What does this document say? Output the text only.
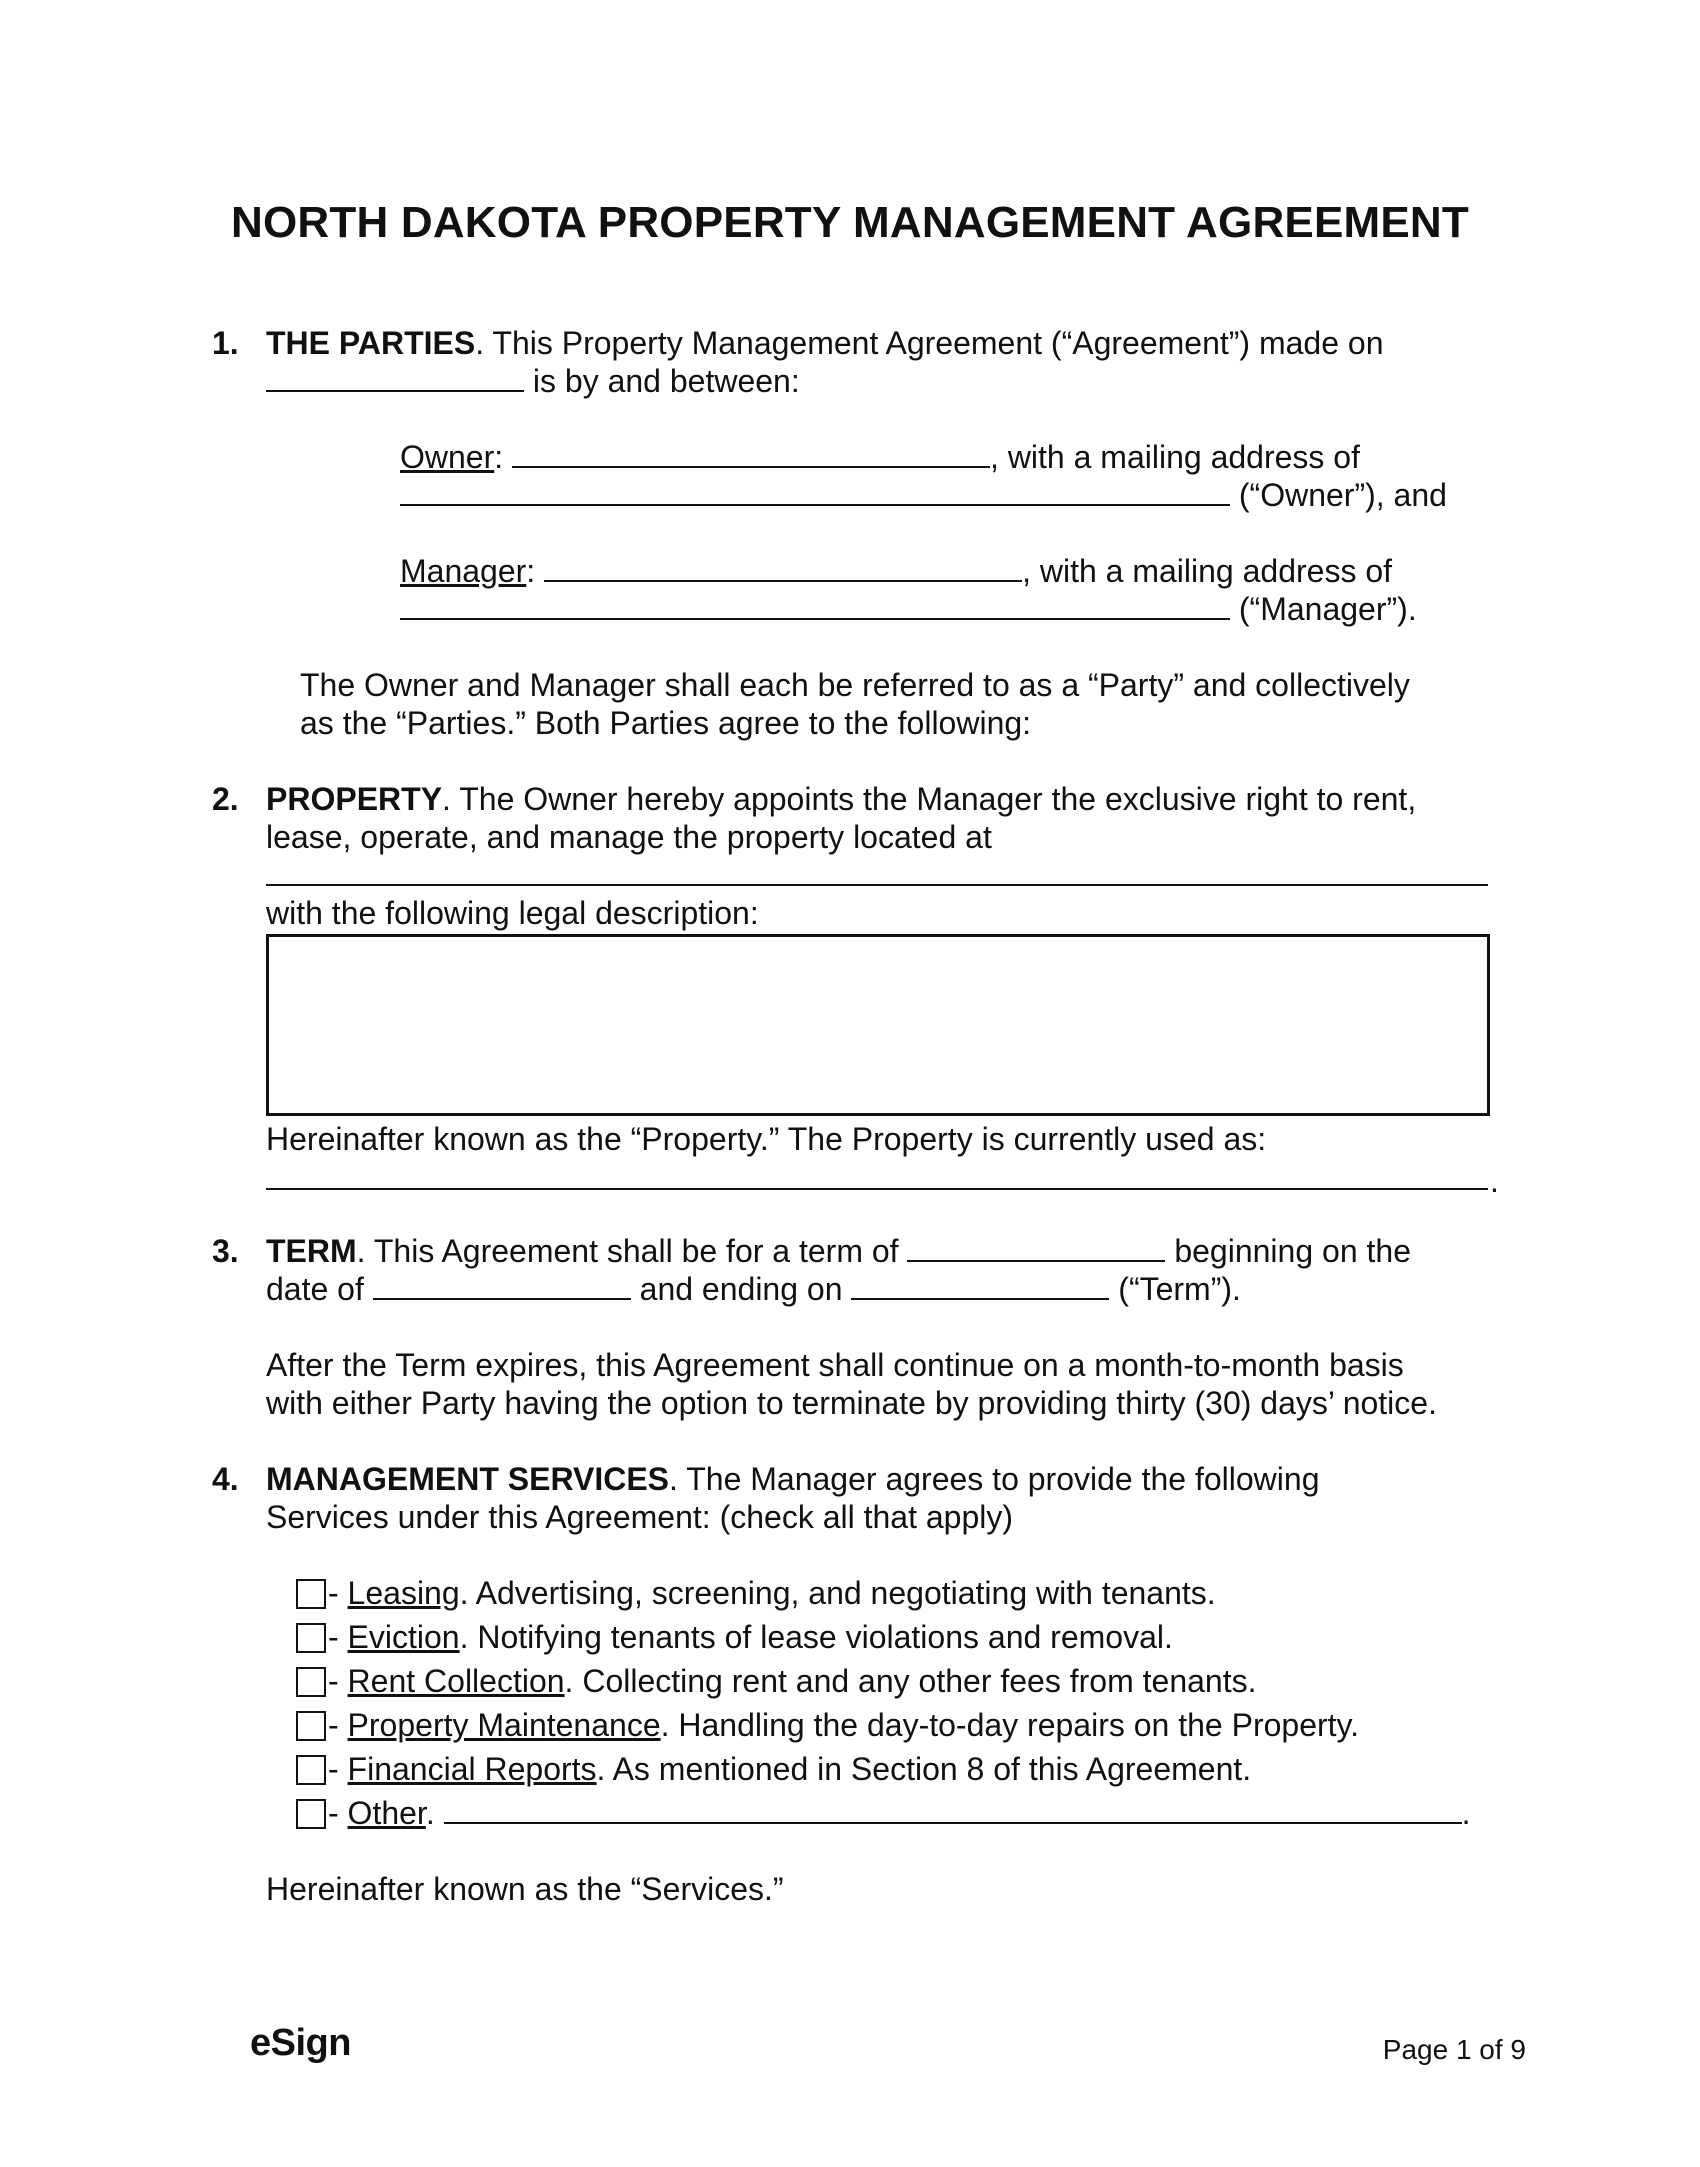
NORTH DAKOTA PROPERTY MANAGEMENT AGREEMENT
1. THE PARTIES. This Property Management Agreement (“Agreement”) made on
is by and between:
Owner:	, with a mailing address of
(“Owner”), and
Manager:	, with a mailing address of
(“Manager”).
The Owner and Manager shall each be referred to as a “Party” and collectively
as the “Parties.” Both Parties agree to the following:
2. PROPERTY. The Owner hereby appoints the Manager the exclusive right to rent,
lease, operate, and manage the property located at
with the following legal description:
Hereinafter known as the “Property.” The Property is currently used as:
.
3. TERM. This Agreement shall be for a term of	beginning on the
date of	and ending on	(“Term”).
After the Term expires, this Agreement shall continue on a month-to-month basis
with either Party having the option to terminate by providing thirty (30) days’ notice.
4. MANAGEMENT SERVICES. The Manager agrees to provide the following
Services under this Agreement: (check all that apply)
- Leasing. Advertising, screening, and negotiating with tenants.
- Eviction. Notifying tenants of lease violations and removal.
- Rent Collection. Collecting rent and any other fees from tenants.
- Property Maintenance. Handling the day-to-day repairs on the Property.
- Financial Reports. As mentioned in Section 8 of this Agreement.
- Other.	.
Hereinafter known as the “Services.”
eSign	Page 1 of 9
